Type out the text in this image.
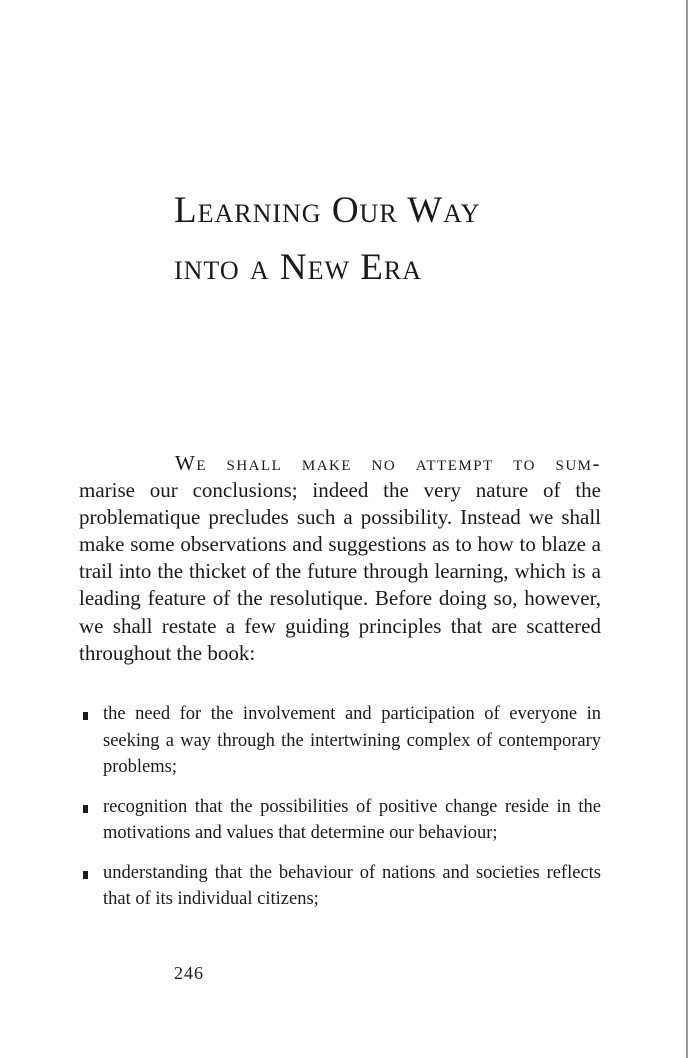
Learning Our Way
into a New Era
We shall make no attempt to sum-

marise our conclusions; indeed the very nature of the problematique precludes such a possibility. Instead we shall make some observations and suggestions as to how to blaze a trail into the thicket of the future through learning, which is a leading feature of the resolutique. Before doing so, however, we shall restate a few guiding principles that are scattered throughout the book:

the need for the involvement and participation of everyone in seeking a way through the intertwining complex of contemporary problems;
recognition that the possibilities of positive change reside in the motivations and values that determine our behaviour;
understanding that the behaviour of nations and societies reflects that of its individual citizens;
246
